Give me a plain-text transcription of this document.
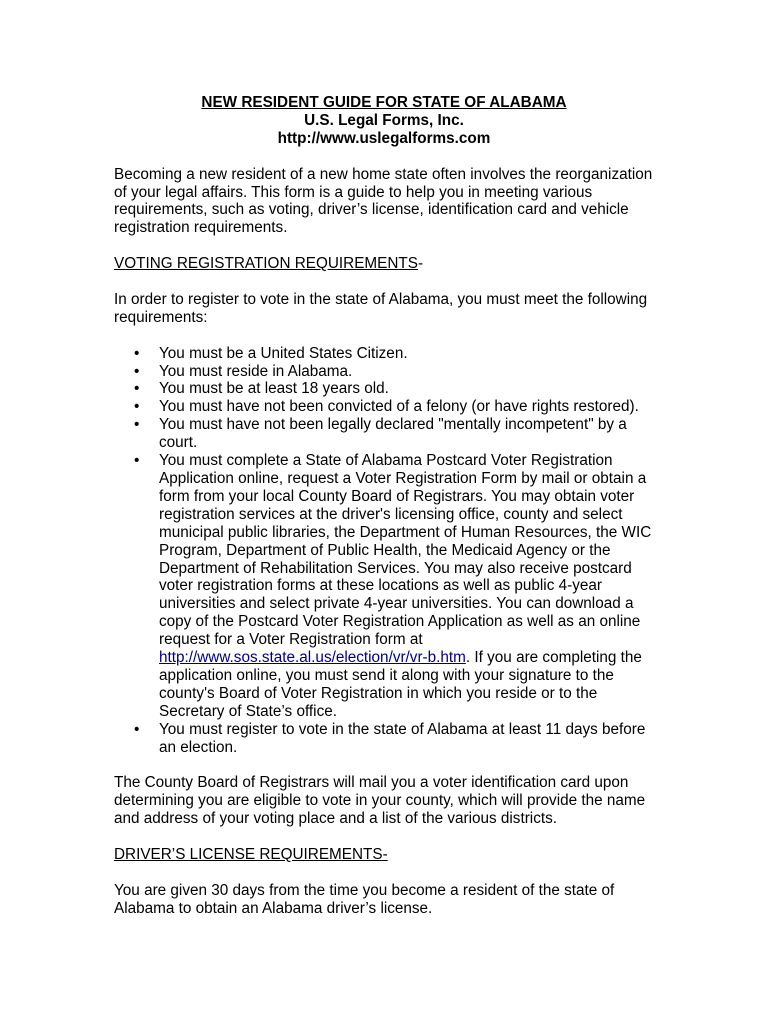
NEW RESIDENT GUIDE FOR STATE OF ALABAMA
U.S. Legal Forms, Inc.
http://www.uslegalforms.com
Becoming a new resident of a new home state often involves the reorganization
of your legal affairs. This form is a guide to help you in meeting various
requirements, such as voting, driver’s license, identification card and vehicle
registration requirements.
VOTING REGISTRATION REQUIREMENTS-
In order to register to vote in the state of Alabama, you must meet the following
requirements:
• You must be a United States Citizen.
• You must reside in Alabama.
• You must be at least 18 years old.
• You must have not been convicted of a felony (or have rights restored).
• You must have not been legally declared "mentally incompetent" by a
court.
• You must complete a State of Alabama Postcard Voter Registration
Application online, request a Voter Registration Form by mail or obtain a
form from your local County Board of Registrars. You may obtain voter
registration services at the driver's licensing office, county and select
municipal public libraries, the Department of Human Resources, the WIC
Program, Department of Public Health, the Medicaid Agency or the
Department of Rehabilitation Services. You may also receive postcard
voter registration forms at these locations as well as public 4-year
universities and select private 4-year universities. You can download a
copy of the Postcard Voter Registration Application as well as an online
request for a Voter Registration form at
http://www.sos.state.al.us/election/vr/vr-b.htm. If you are completing the
application online, you must send it along with your signature to the
county's Board of Voter Registration in which you reside or to the
Secretary of State’s office.
• You must register to vote in the state of Alabama at least 11 days before
an election.
The County Board of Registrars will mail you a voter identification card upon
determining you are eligible to vote in your county, which will provide the name
and address of your voting place and a list of the various districts.
DRIVER’S LICENSE REQUIREMENTS-
You are given 30 days from the time you become a resident of the state of
Alabama to obtain an Alabama driver’s license.
